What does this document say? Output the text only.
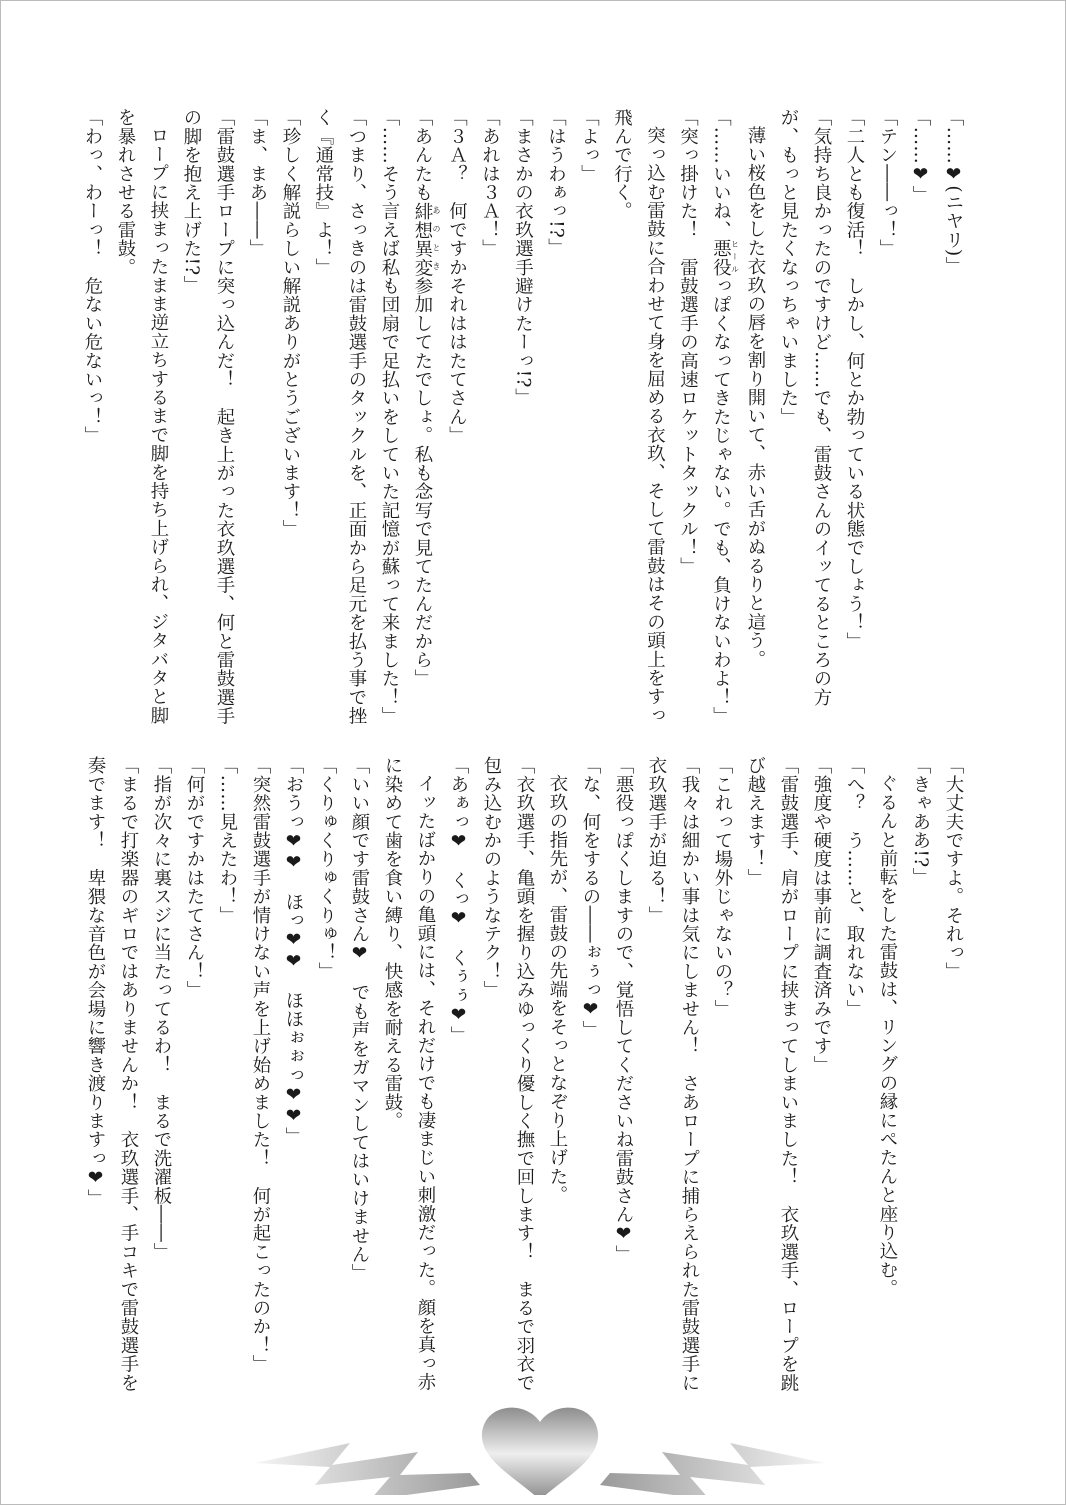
「……❤(ニヤリ)」

「……❤」

「テン――っ！」

「二人とも復活！　しかし、何とか勃っている状態でしょう！」

「気持ち良かったのですけど……でも、雷鼓さんのイッてるところの方が、もっと見たくなっちゃいました」

薄い桜色をした衣玖の唇を割り開いて、赤い舌がぬるりと這う。

「……いいね、悪役 ヒールっぽくなってきたじゃない。でも、負けないわよ！」

「突っ掛けた！　雷鼓選手の高速ロケットタックル！」

突っ込む雷鼓に合わせて身を屈める衣玖、そして雷鼓はその頭上をすっ飛んで行く。

「よっ」

「はうわぁっ!?」

「まさかの衣玖選手避けたーっ!?」

「あれは３Ａ！」

「３Ａ？　何ですかそれははたてさん」

「あんたも緋想異変 あのとき参加してたでしょ。私も念写で見てたんだから」

「……そう言えば私も団扇で足払いをしていた記憶が蘇って来ました！」

「つまり、さっきのは雷鼓選手のタックルを、正面から足元を払う事で挫く『通常技』よ！」

「珍しく解説らしい解説ありがとうございます！」

「ま、まあ――」

「雷鼓選手ロープに突っ込んだ！　起き上がった衣玖選手、何と雷鼓選手の脚を抱え上げた!?」

ロープに挟まったまま逆立ちするまで脚を持ち上げられ、ジタバタと脚を暴れさせる雷鼓。

「わっ、わーっ！　危ない危ないっ！」

「大丈夫ですよ。それっ」

「きゃああ!?」

ぐるんと前転をした雷鼓は、リングの縁にぺたんと座り込む。

「へ？　う……と、取れない」

「強度や硬度は事前に調査済みです」

「雷鼓選手、肩がロープに挟まってしまいました！　衣玖選手、ロープを跳び越えます！」

「これって場外じゃないの？」

「我々は細かい事は気にしません！　さあロープに捕らえられた雷鼓選手に衣玖選手が迫る！」

「悪役っぽくしますので、覚悟してくださいね雷鼓さん❤」

「な、何をするの――ぉぅっ❤」

衣玖の指先が、雷鼓の先端をそっとなぞり上げた。

「衣玖選手、亀頭を握り込みゆっくり優しく撫で回します！　まるで羽衣で包み込むかのようなテク！」

「あぁっ❤　くっ❤　くぅぅ❤」

イッたばかりの亀頭には、それだけでも凄まじい刺激だった。顔を真っ赤に染めて歯を食い縛り、快感を耐える雷鼓。

「いい顔です雷鼓さん❤　でも声をガマンしてはいけません」

「くりゅくりゅくりゅ！」

「おうっ❤❤　ほっ❤❤　ほほぉぉっ❤❤」

「突然雷鼓選手が情けない声を上げ始めました！　何が起こったのか！」

「……見えたわ！」

「何がですかはたてさん！」

「指が次々に裏スジに当たってるわ！　まるで洗濯板――」

「まるで打楽器のギロではありませんか！　衣玖選手、手コキで雷鼓選手を奏でます！　卑猥な音色が会場に響き渡りますっ❤」
